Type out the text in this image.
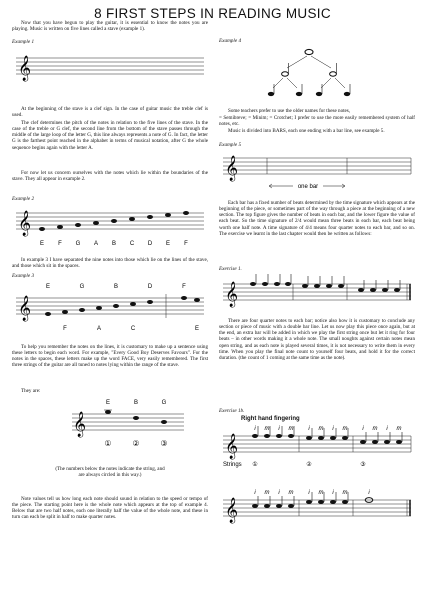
8 FIRST STEPS IN READING MUSIC

Now that you have begun to play the guitar, it is essential to know the notes you are playing. Music is written on five lines called a stave (example 1).

Example 1
𝄞

At the beginning of the stave is a clef sign. In the case of guitar music the treble clef is used.

The clef determines the pitch of the notes in relation to the five lines of the stave. In the case of the treble or G clef, the second line from the bottom of the stave passes through the middle of the large loop of the letter G, this line always represents a note of G. In fact, the letter G is the farthest point reached in the alphabet in terms of musical notation, after G the whole sequence begins again with the letter A.

For now let us concern ourselves with the notes which lie within the boundaries of the stave. They all appear in example 2.

Example 2
𝄞
E F G A B C D E F

In example 3 I have separated the nine notes into those which lie on the lines of the stave, and those which sit in the spaces.

Example 3
E	G	B	D	F
𝄞
F	A	C	E

To help you remember the notes on the lines, it is customary to make up a sentence using these letters to begin each word. For example, "Every Good Boy Deserves Favours". For the notes in the spaces, these letters make up the word FACE, very easily remembered. The first three strings of the guitar are all tuned to notes lying within the range of the stave.

They are:

E	B	G
𝄞
①	②	③
(The numbers below the notes indicate the string, and are always circled in this way.)

Note values tell us how long each note should sound in relation to the speed or tempo of the piece. The starting point here is the whole note which appears at the top of example 4. Below that are two half notes, each one literally half the value of the whole note, and these in turn can each be split in half to make quarter notes.

Example 4

Some teachers prefer to use the older names for these notes,

= Semibreve; = Minim; = Crotchet; I prefer to use the more easily remembered system of half notes, etc.

Music is divided into BARS, each one ending with a bar line, see example 5.

Example 5
𝄞
one bar

Each bar has a fixed number of beats determined by the time signature which appears at the beginning of the piece, or sometimes part of the way through a piece at the beginning of a new section. The top figure gives the number of beats in each bar, and the lower figure the value of each beat. So the time signature of 2/4 would mean three beats in each bar, each beat being worth one half note. A time signature of 4/4 means four quarter notes to each bar, and so on. The exercise we learnt in the last chapter would then be written as follows:

Exercise 1.
𝄞

There are four quarter notes to each bar; notice also how it is customary to conclude any section or piece of music with a double bar line. Let us now play this piece once again, but at the end, an extra bar will be added in which we play the first string once but let it ring for four beats – in other words making it a whole note. The small noughts against certain notes mean open string, and as each note is played several times, it is not necessary to write them in every time. When you play the final note count to yourself four beats, and hold it for the correct duration. (the count of 1 coming at the same time as the note).

Exercise 1b.
Right hand fingering
i m i m i m i m i m i m
𝄞
Strings ①	②	③
i m i m i m i m	i
𝄞
